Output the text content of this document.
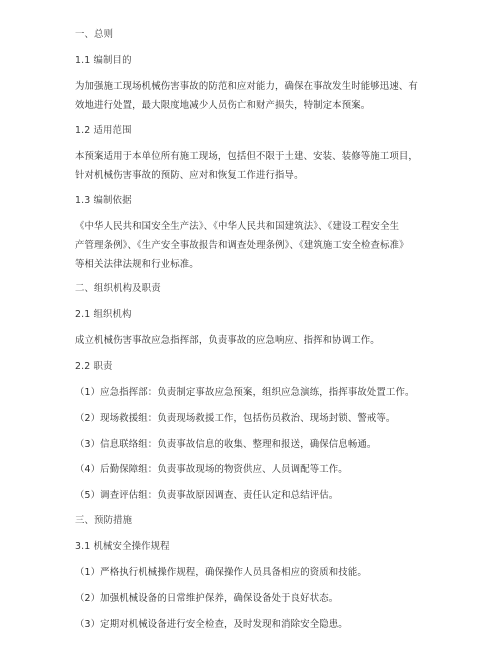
一、总则
1.1 编制目的
为加强施工现场机械伤害事故的防范和应对能力，确保在事故发生时能够迅速、有
效地进行处置，最大限度地减少人员伤亡和财产损失，特制定本预案。
1.2 适用范围
本预案适用于本单位所有施工现场，包括但不限于土建、安装、装修等施工项目，
针对机械伤害事故的预防、应对和恢复工作进行指导。
1.3 编制依据
《中华人民共和国安全生产法》、《中华人民共和国建筑法》、《建设工程安全生
产管理条例》、《生产安全事故报告和调查处理条例》、《建筑施工安全检查标准》
等相关法律法规和行业标准。
二、组织机构及职责
2.1 组织机构
成立机械伤害事故应急指挥部，负责事故的应急响应、指挥和协调工作。
2.2 职责
（1）应急指挥部：负责制定事故应急预案，组织应急演练，指挥事故处置工作。
（2）现场救援组：负责现场救援工作，包括伤员救治、现场封锁、警戒等。
（3）信息联络组：负责事故信息的收集、整理和报送，确保信息畅通。
（4）后勤保障组：负责事故现场的物资供应、人员调配等工作。
（5）调查评估组：负责事故原因调查、责任认定和总结评估。
三、预防措施
3.1 机械安全操作规程
（1）严格执行机械操作规程，确保操作人员具备相应的资质和技能。
（2）加强机械设备的日常维护保养，确保设备处于良好状态。
（3）定期对机械设备进行安全检查，及时发现和消除安全隐患。
